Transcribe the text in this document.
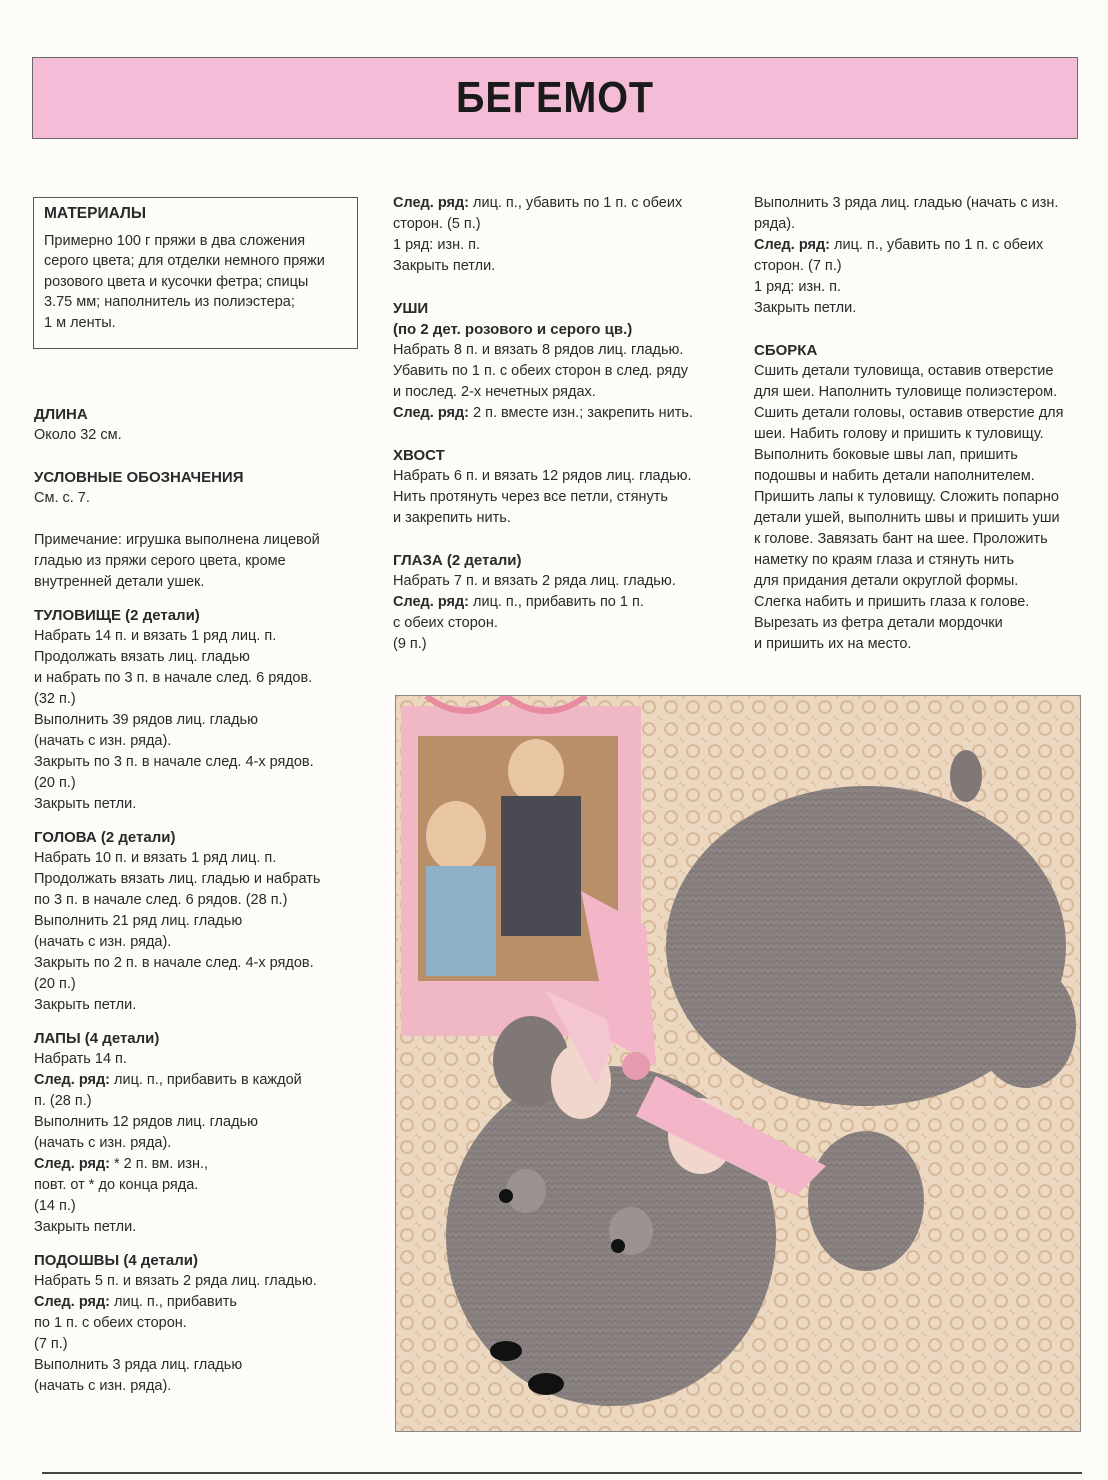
БЕГЕМОТ

МАТЕРИАЛЫ

Примерно 100 г пряжи в два сложения

серого цвета; для отделки немного пряжи

розового цвета и кусочки фетра; спицы

3.75 мм; наполнитель из полиэстера;

1 м ленты.

ДЛИНА

Около 32 см.

УСЛОВНЫЕ ОБОЗНАЧЕНИЯ

См. с. 7.

Примечание: игрушка выполнена лицевой

гладью из пряжи серого цвета, кроме

внутренней детали ушек.

ТУЛОВИЩЕ (2 детали)

Набрать 14 п. и вязать 1 ряд лиц. п.

Продолжать вязать лиц. гладью

и набрать по 3 п. в начале след. 6 рядов.

(32 п.)

Выполнить 39 рядов лиц. гладью

(начать с изн. ряда).

Закрыть по 3 п. в начале след. 4-х рядов.

(20 п.)

Закрыть петли.

ГОЛОВА (2 детали)

Набрать 10 п. и вязать 1 ряд лиц. п.

Продолжать вязать лиц. гладью и набрать

по 3 п. в начале след. 6 рядов. (28 п.)

Выполнить 21 ряд лиц. гладью

(начать с изн. ряда).

Закрыть по 2 п. в начале след. 4-х рядов.

(20 п.)

Закрыть петли.

ЛАПЫ (4 детали)

Набрать 14 п.

След. ряд: лиц. п., прибавить в каждой

п. (28 п.)

Выполнить 12 рядов лиц. гладью

(начать с изн. ряда).

След. ряд: * 2 п. вм. изн.,

повт. от * до конца ряда.

(14 п.)

Закрыть петли.

ПОДОШВЫ (4 детали)

Набрать 5 п. и вязать 2 ряда лиц. гладью.

След. ряд: лиц. п., прибавить

по 1 п. с обеих сторон.

(7 п.)

Выполнить 3 ряда лиц. гладью

(начать с изн. ряда).

След. ряд: лиц. п., убавить по 1 п. с обеих

сторон. (5 п.)

1 ряд: изн. п.

Закрыть петли.

УШИ

(по 2 дет. розового и серого цв.)

Набрать 8 п. и вязать 8 рядов лиц. гладью.

Убавить по 1 п. с обеих сторон в след. ряду

и послед. 2-х нечетных рядах.

След. ряд: 2 п. вместе изн.; закрепить нить.

ХВОСТ

Набрать 6 п. и вязать 12 рядов лиц. гладью.

Нить протянуть через все петли, стянуть

и закрепить нить.

ГЛАЗА (2 детали)

Набрать 7 п. и вязать 2 ряда лиц. гладью.

След. ряд: лиц. п., прибавить по 1 п.

с обеих сторон.

(9 п.)

Выполнить 3 ряда лиц. гладью (начать с изн.

ряда).

След. ряд: лиц. п., убавить по 1 п. с обеих

сторон. (7 п.)

1 ряд: изн. п.

Закрыть петли.

СБОРКА

Сшить детали туловища, оставив отверстие

для шеи. Наполнить туловище полиэстером.

Сшить детали головы, оставив отверстие для

шеи. Набить голову и пришить к туловищу.

Выполнить боковые швы лап, пришить

подошвы и набить детали наполнителем.

Пришить лапы к туловищу. Сложить попарно

детали ушей, выполнить швы и пришить уши

к голове. Завязать бант на шее. Проложить

наметку по краям глаза и стянуть нить

для придания детали округлой формы.

Слегка набить и пришить глаза к голове.

Вырезать из фетра детали мордочки

и пришить их на место.
